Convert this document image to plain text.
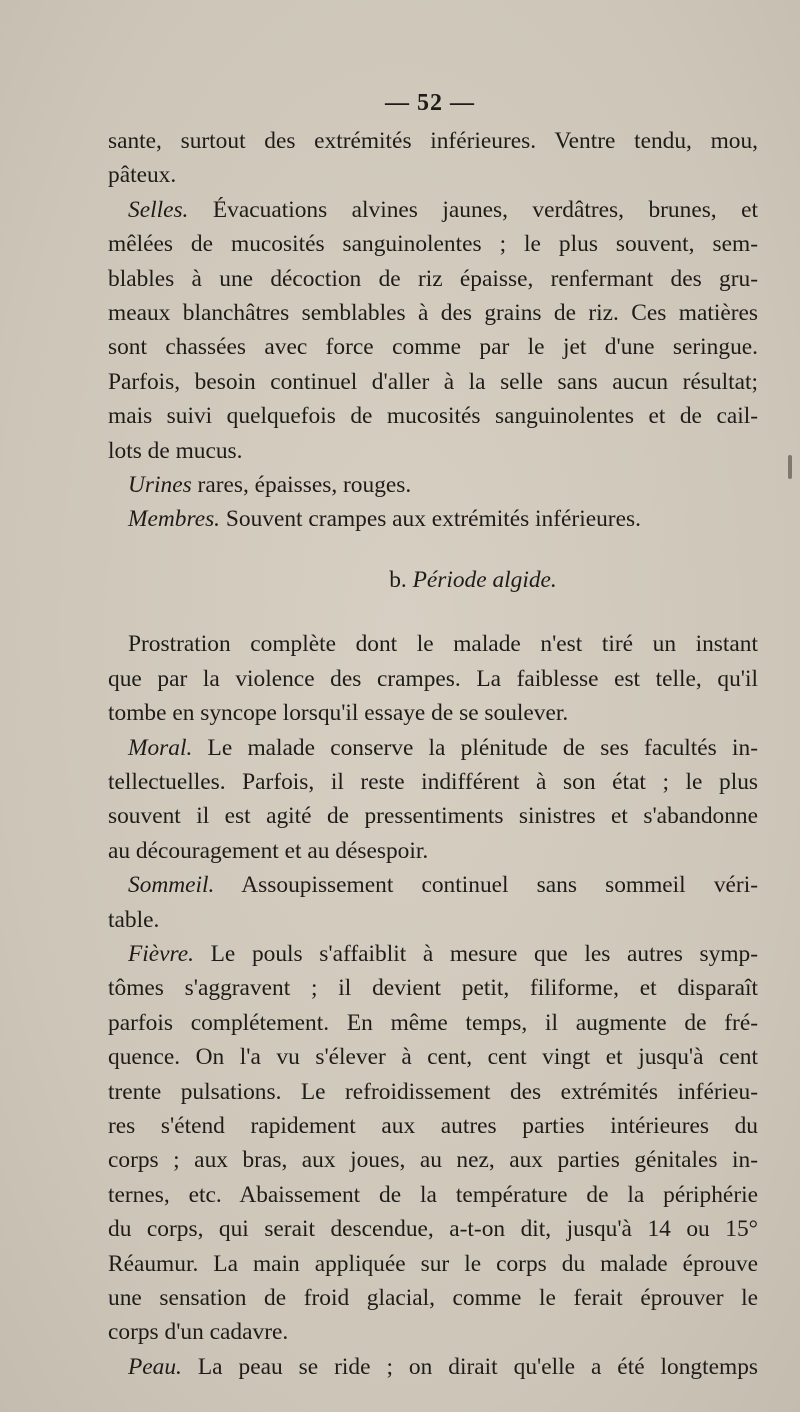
— 52 —
sante, surtout des extrémités inférieures. Ventre tendu, mou,
pâteux.
Selles. Évacuations alvines jaunes, verdâtres, brunes, et
mêlées de mucosités sanguinolentes ; le plus souvent, sem-
blables à une décoction de riz épaisse, renfermant des gru-
meaux blanchâtres semblables à des grains de riz. Ces matières
sont chassées avec force comme par le jet d'une seringue.
Parfois, besoin continuel d'aller à la selle sans aucun résultat;
mais suivi quelquefois de mucosités sanguinolentes et de cail-
lots de mucus.
Urines rares, épaisses, rouges.
Membres. Souvent crampes aux extrémités inférieures.
b. Période algide.
Prostration complète dont le malade n'est tiré un instant
que par la violence des crampes. La faiblesse est telle, qu'il
tombe en syncope lorsqu'il essaye de se soulever.
Moral. Le malade conserve la plénitude de ses facultés in-
tellectuelles. Parfois, il reste indifférent à son état ; le plus
souvent il est agité de pressentiments sinistres et s'abandonne
au découragement et au désespoir.
Sommeil. Assoupissement continuel sans sommeil véri-
table.
Fièvre. Le pouls s'affaiblit à mesure que les autres symp-
tômes s'aggravent ; il devient petit, filiforme, et disparaît
parfois complétement. En même temps, il augmente de fré-
quence. On l'a vu s'élever à cent, cent vingt et jusqu'à cent
trente pulsations. Le refroidissement des extrémités inférieu-
res s'étend rapidement aux autres parties intérieures du
corps ; aux bras, aux joues, au nez, aux parties génitales in-
ternes, etc. Abaissement de la température de la périphérie
du corps, qui serait descendue, a-t-on dit, jusqu'à 14 ou 15°
Réaumur. La main appliquée sur le corps du malade éprouve
une sensation de froid glacial, comme le ferait éprouver le
corps d'un cadavre.
Peau. La peau se ride ; on dirait qu'elle a été longtemps
